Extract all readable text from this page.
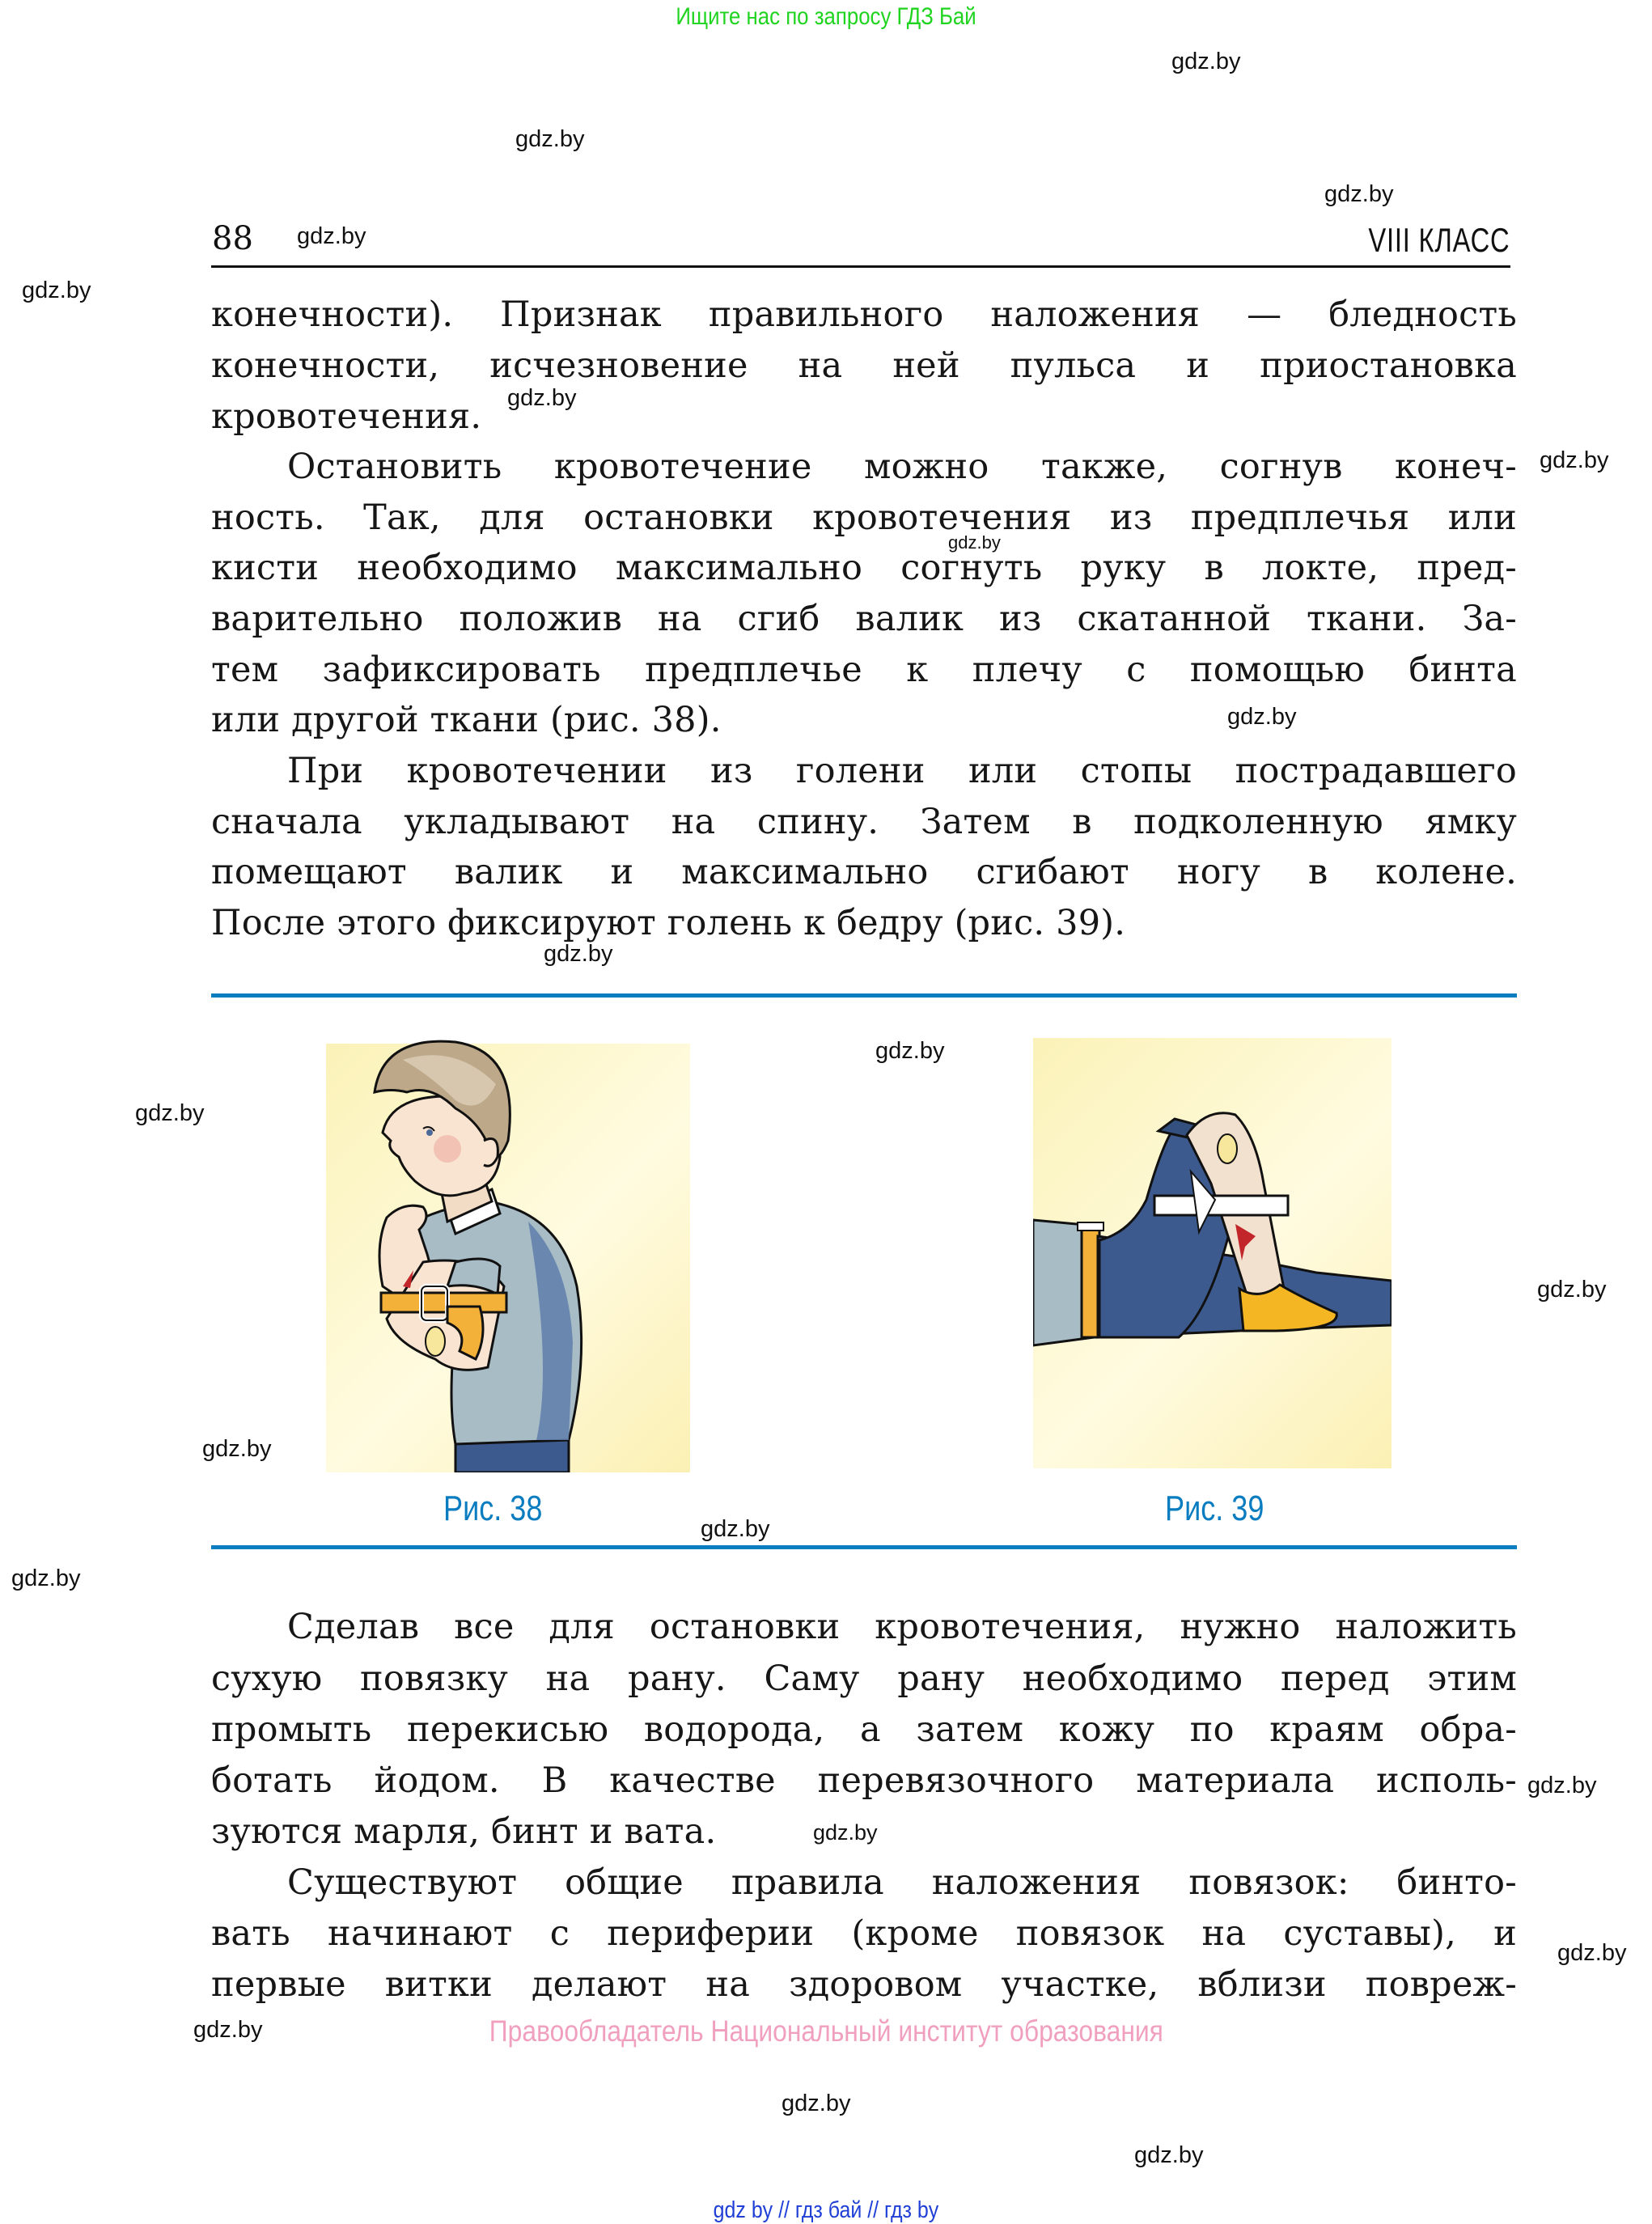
Ищите нас по запросу ГДЗ Бай
gdz.by
gdz.by
gdz.by
gdz.by
gdz.by
gdz.by
gdz.by
gdz.by
gdz.by
gdz.by
gdz.by
gdz.by
gdz.by
gdz.by
gdz.by
gdz.by
gdz.by
gdz.by
gdz.by
gdz.by
gdz.by
88	VIII КЛАСС
конечности). Признак правильного наложения — бледность
конечности, исчезновение на ней пульса и приостановка
кровотечения.
Остановить кровотечение можно также, согнув конеч-
ность. Так, для остановки кровотечения из предплечья или
кисти необходимо максимально согнуть руку в локте, пред-
варительно положив на сгиб валик из скатанной ткани. За-
тем зафиксировать предплечье к плечу с помощью бинта
или другой ткани (рис. 38).
При кровотечении из голени или стопы пострадавшего
сначала укладывают на спину. Затем в подколенную ямку
помещают валик и максимально сгибают ногу в колене.
После этого фиксируют голень к бедру (рис. 39).
Рис. 38	Рис. 39
Сделав все для остановки кровотечения, нужно наложить
сухую повязку на рану. Саму рану необходимо перед этим
промыть перекисью водорода, а затем кожу по краям обра-
ботать йодом. В качестве перевязочного материала исполь-
зуются марля, бинт и вата.
Существуют общие правила наложения повязок: бинто-
вать начинают с периферии (кроме повязок на суставы), и
первые витки делают на здоровом участке, вблизи повреж-
gdz.by
Правообладатель Национальный институт образования
gdz by // гдз бай // гдз by
